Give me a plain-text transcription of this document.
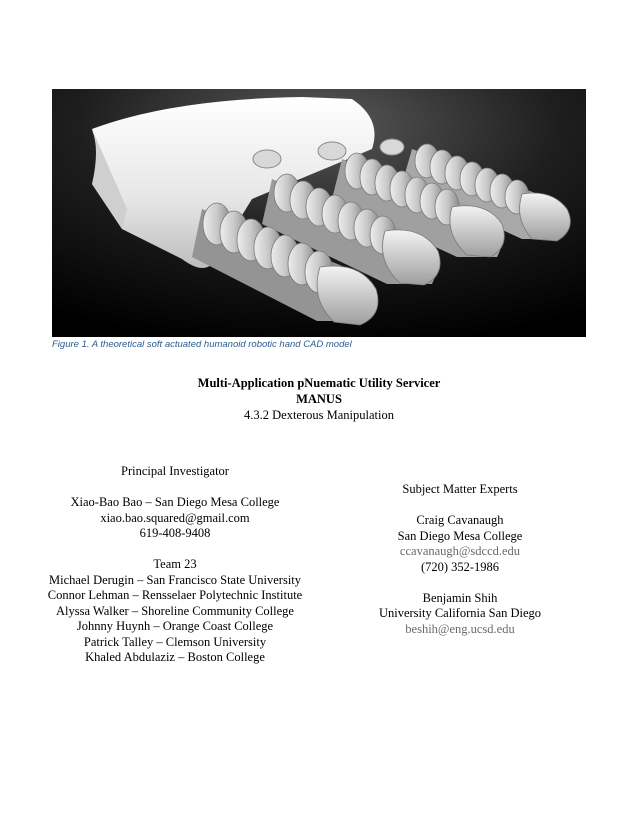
Figure 1. A theoretical soft actuated humanoid robotic hand CAD model
Multi-Application pNuematic Utility Servicer
MANUS
4.3.2 Dexterous Manipulation
Principal Investigator
Xiao-Bao Bao – San Diego Mesa College
xiao.bao.squared@gmail.com
619-408-9408
Team 23
Michael Derugin – San Francisco State University
Connor Lehman – Rensselaer Polytechnic Institute
Alyssa Walker – Shoreline Community College
Johnny Huynh – Orange Coast College
Patrick Talley – Clemson University
Khaled Abdulaziz – Boston College
Subject Matter Experts
Craig Cavanaugh
San Diego Mesa College
ccavanaugh@sdccd.edu
(720) 352-1986
Benjamin Shih
University California San Diego
beshih@eng.ucsd.edu
